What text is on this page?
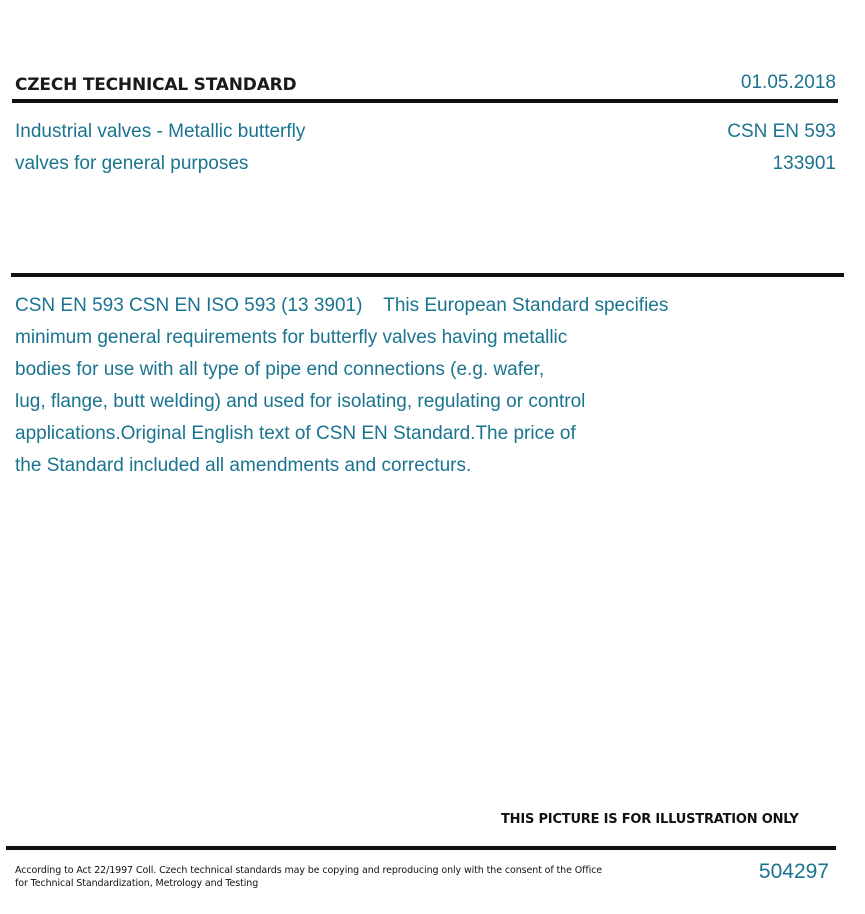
CZECH TECHNICAL STANDARD	01.05.2018
Industrial valves - Metallic butterfly
valves for general purposes
CSN EN 593
133901
CSN EN 593 CSN EN ISO 593 (13 3901)    This European Standard specifies
minimum general requirements for butterfly valves having metallic
bodies for use with all type of pipe end connections (e.g. wafer,
lug, flange, butt welding) and used for isolating, regulating or control
applications.Original English text of CSN EN Standard.The price of
the Standard included all amendments and correcturs.
THIS PICTURE IS FOR ILLUSTRATION ONLY
According to Act 22/1997 Coll. Czech technical standards may be copying and reproducing only with the consent of the Office
for Technical Standardization, Metrology and Testing
504297
